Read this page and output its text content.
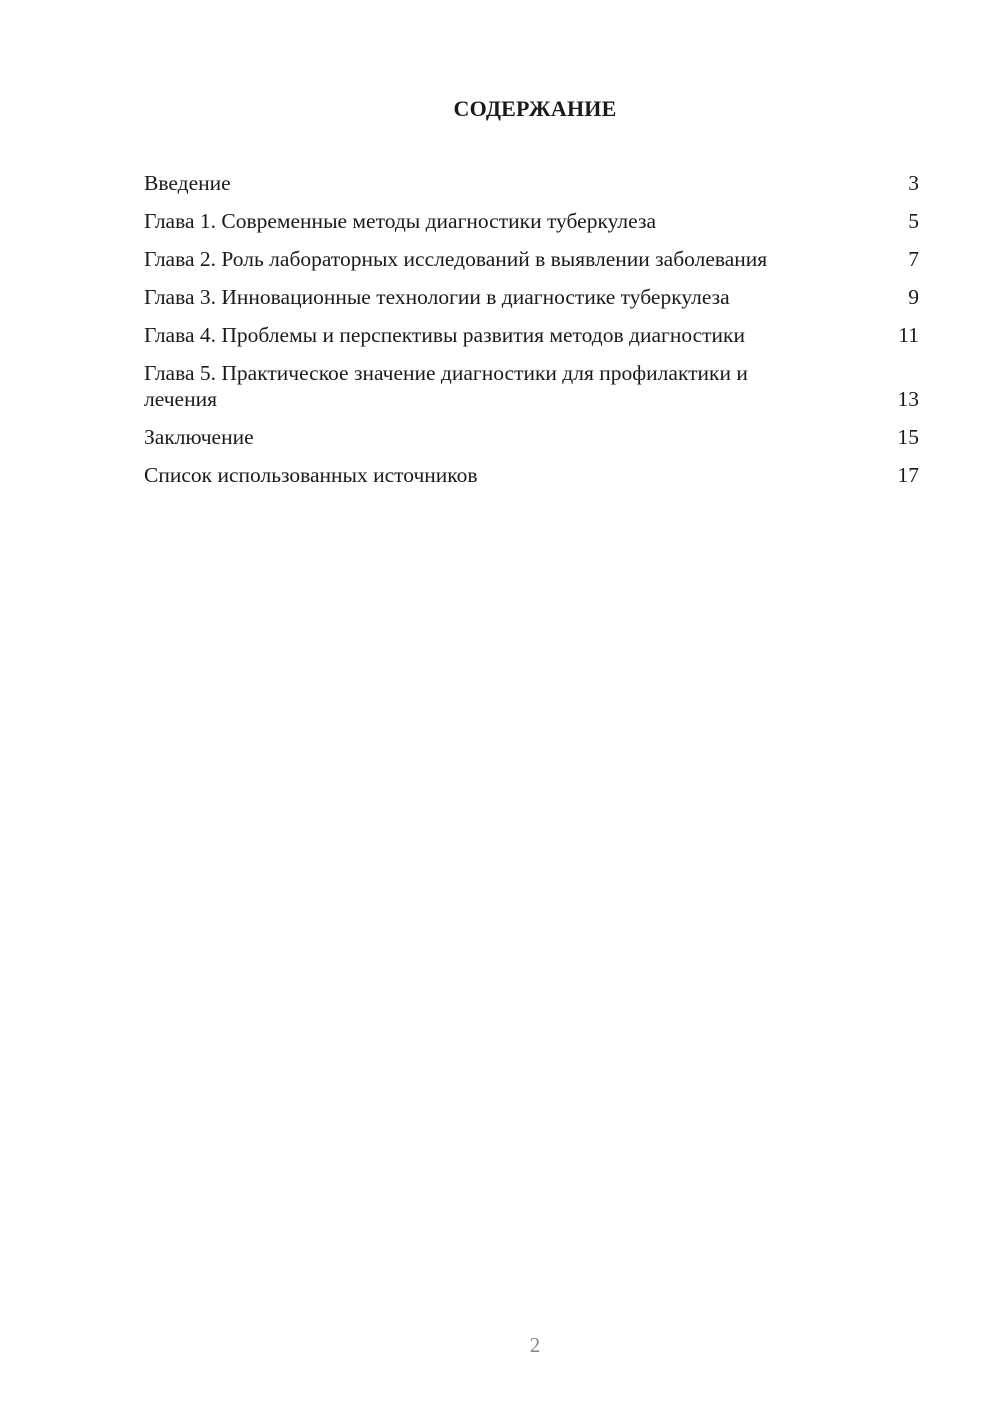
СОДЕРЖАНИЕ
Введение	3
Глава 1. Современные методы диагностики туберкулеза	5
Глава 2. Роль лабораторных исследований в выявлении заболевания	7
Глава 3. Инновационные технологии в диагностике туберкулеза	9
Глава 4. Проблемы и перспективы развития методов диагностики	11
Глава 5. Практическое значение диагностики для профилактики и лечения	13
Заключение	15
Список использованных источников	17
2
